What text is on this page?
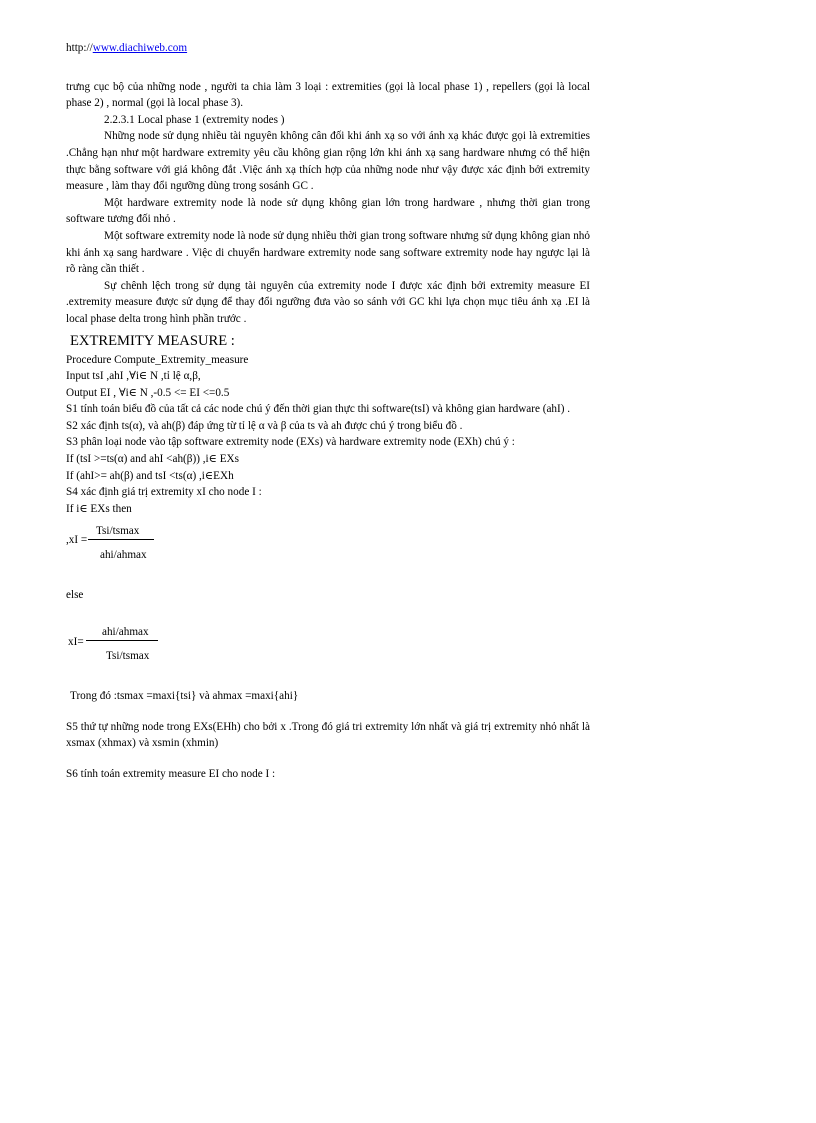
http://www.diachiweb.com

trưng cục bộ của những node , người ta chia làm 3 loại : extremities (gọi là local phase 1) , repellers (gọi là local phase 2) , normal (gọi là local phase 3).

2.2.3.1 Local phase 1 (extremity nodes )

Những node sử dụng nhiều tài nguyên không cân đối khi ánh xạ so với ánh xạ khác được gọi là extremities .Chẳng hạn như một hardware extremity yêu cầu không gian rộng lớn khi ánh xạ sang hardware nhưng có thể hiện thực bằng software với giá không đắt .Việc ánh xạ thích hợp của những node như vậy được xác định bởi extremity measure , làm thay đổi ngưỡng dùng trong sosánh GC .

Một hardware extremity node là node sử dụng không gian lớn trong hardware , nhưng thời gian trong software tương đối nhỏ .

Một software extremity node là node sử dụng nhiều thời gian trong software nhưng sử dụng không gian nhỏ khi ánh xạ sang hardware . Việc di chuyển hardware extremity node sang software extremity node hay ngược lại là rõ ràng cần thiết .

Sự chênh lệch trong sử dụng tài nguyên của extremity node I được xác định bởi extremity measure EI .extremity measure được sử dụng để thay đổi ngưỡng đưa vào so sánh với GC khi lựa chọn mục tiêu ánh xạ .EI là local phase delta trong hình phần trước .

EXTREMITY MEASURE :

Procedure Compute_Extremity_measure

Input tsI ,ahI ,∀i∈ N ,tỉ lệ α,β,

Output EI , ∀i∈ N ,-0.5 <= EI <=0.5

S1 tính toán biểu đồ của tất cả các node chú ý đến thời gian thực thi software(tsI) và không gian hardware (ahI) .

S2 xác định ts(α), và ah(β) đáp ứng từ tỉ lệ α và β của ts và ah được chú ý trong biểu đồ .

S3 phân loại node vào tập software extremity node (EXs) và hardware extremity node (EXh) chú ý :

If (tsI >=ts(α) and ahI <ah(β)) ,i∈ EXs

If (ahI>= ah(β) and tsI <ts(α) ,i∈EXh

S4 xác định giá trị extremity xI cho node I :

If i∈ EXs then

Tsi/tsmax
,xI =
ahi/ahmax

else

ahi/ahmax
xI=
Tsi/tsmax

Trong đó :tsmax =maxi{tsi} và ahmax =maxi{ahi}

S5 thứ tự những node trong EXs(EHh) cho bởi x .Trong đó giá tri extremity lớn nhất và giá trị extremity nhỏ nhất là xsmax (xhmax) và xsmin (xhmin)

S6 tính toán extremity measure EI cho node I :
